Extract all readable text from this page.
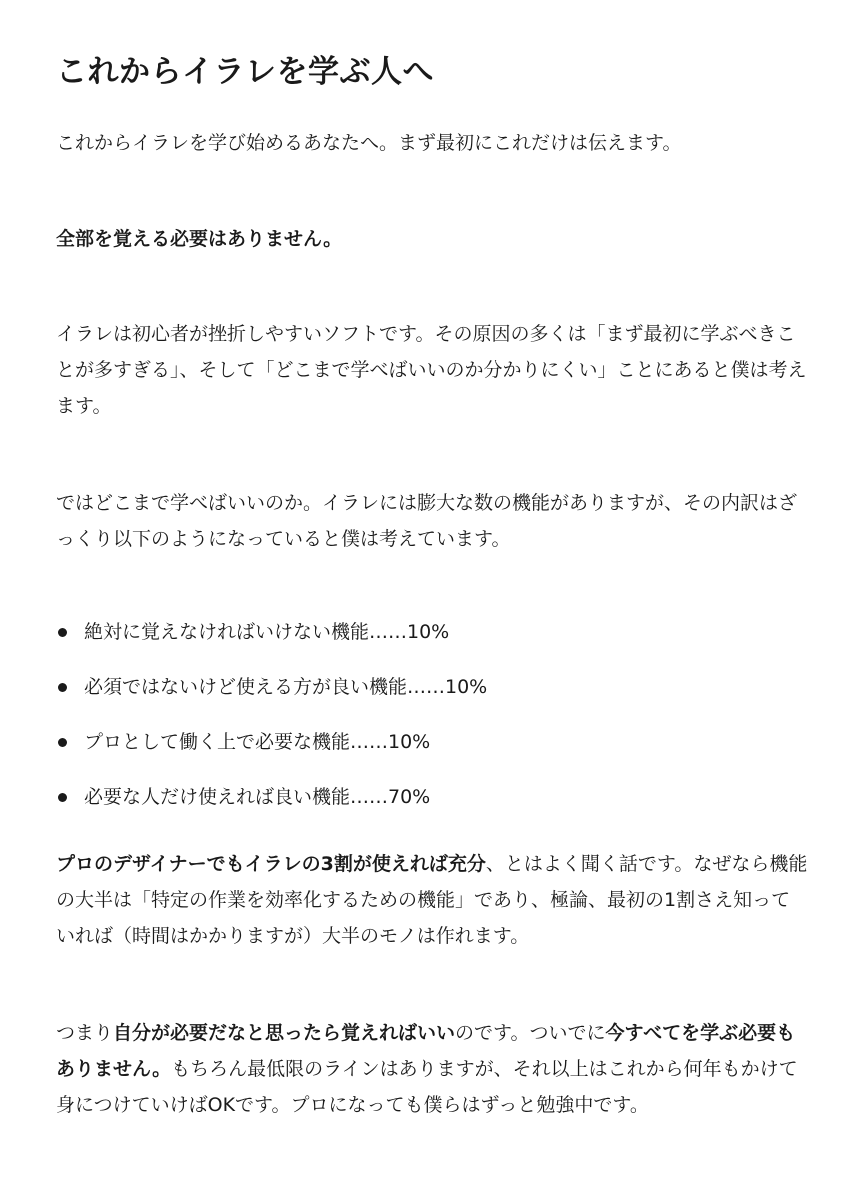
これからイラレを学ぶ人へ

これからイラレを学び始めるあなたへ。まず最初にこれだけは伝えます。

全部を覚える必要はありません。

イラレは初心者が挫折しやすいソフトです。その原因の多くは「まず最初に学ぶべきことが多すぎる」、そして「どこまで学べばいいのか分かりにくい」ことにあると僕は考えます。

ではどこまで学べばいいのか。イラレには膨大な数の機能がありますが、その内訳はざっくり以下のようになっていると僕は考えています。

絶対に覚えなければいけない機能……10%
必須ではないけど使える方が良い機能……10%
プロとして働く上で必要な機能……10%
必要な人だけ使えれば良い機能……70%

プロのデザイナーでもイラレの3割が使えれば充分、とはよく聞く話です。なぜなら機能の大半は「特定の作業を効率化するための機能」であり、極論、最初の1割さえ知っていれば（時間はかかりますが）大半のモノは作れます。

つまり自分が必要だなと思ったら覚えればいいのです。ついでに今すべてを学ぶ必要もありません。もちろん最低限のラインはありますが、それ以上はこれから何年もかけて身につけていけばOKです。プロになっても僕らはずっと勉強中です。
